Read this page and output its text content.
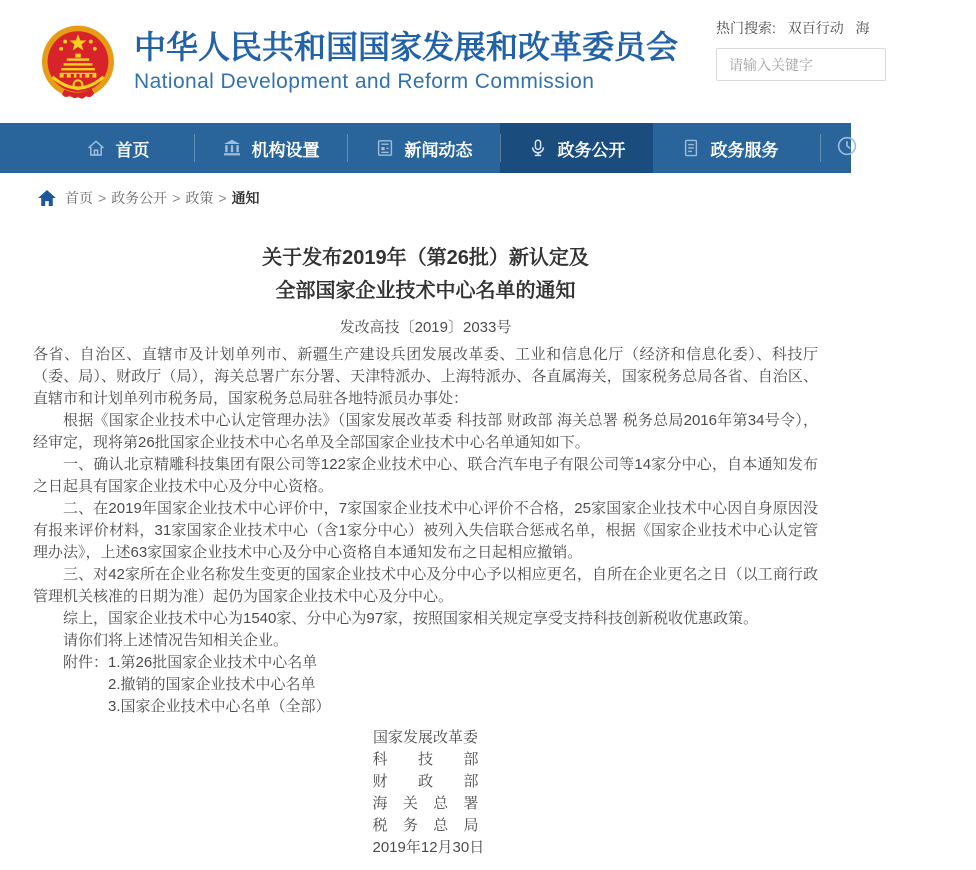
中华人民共和国国家发展和改革委员会
National Development and Reform Commission
热门搜索: 双百行动 海
请输入关键字
首页	机构设置	新闻动态	政务公开	政务服务
首页 > 政务公开 > 政策 > 通知
关于发布2019年（第26批）新认定及
全部国家企业技术中心名单的通知
发改高技〔2019〕2033号

各省、自治区、直辖市及计划单列市、新疆生产建设兵团发展改革委、工业和信息化厅（经济和信息化委）、科技厅（委、局）、财政厅（局），海关总署广东分署、天津特派办、上海特派办、各直属海关，国家税务总局各省、自治区、直辖市和计划单列市税务局，国家税务总局驻各地特派员办事处：

根据《国家企业技术中心认定管理办法》（国家发展改革委 科技部 财政部 海关总署 税务总局2016年第34号令），经审定，现将第26批国家企业技术中心名单及全部国家企业技术中心名单通知如下。

一、确认北京精雕科技集团有限公司等122家企业技术中心、联合汽车电子有限公司等14家分中心，自本通知发布之日起具有国家企业技术中心及分中心资格。

二、在2019年国家企业技术中心评价中，7家国家企业技术中心评价不合格，25家国家企业技术中心因自身原因没有报来评价材料，31家国家企业技术中心（含1家分中心）被列入失信联合惩戒名单，根据《国家企业技术中心认定管理办法》，上述63家国家企业技术中心及分中心资格自本通知发布之日起相应撤销。

三、对42家所在企业名称发生变更的国家企业技术中心及分中心予以相应更名，自所在企业更名之日（以工商行政管理机关核准的日期为准）起仍为国家企业技术中心及分中心。

综上，国家企业技术中心为1540家、分中心为97家，按照国家相关规定享受支持科技创新税收优惠政策。

请你们将上述情况告知相关企业。

附件：1.第26批国家企业技术中心名单

2.撤销的国家企业技术中心名单

3.国家企业技术中心名单（全部）

国家发展改革委
科 技 部
财 政 部
海 关 总 署
税 务 总 局
2019年12月30日
